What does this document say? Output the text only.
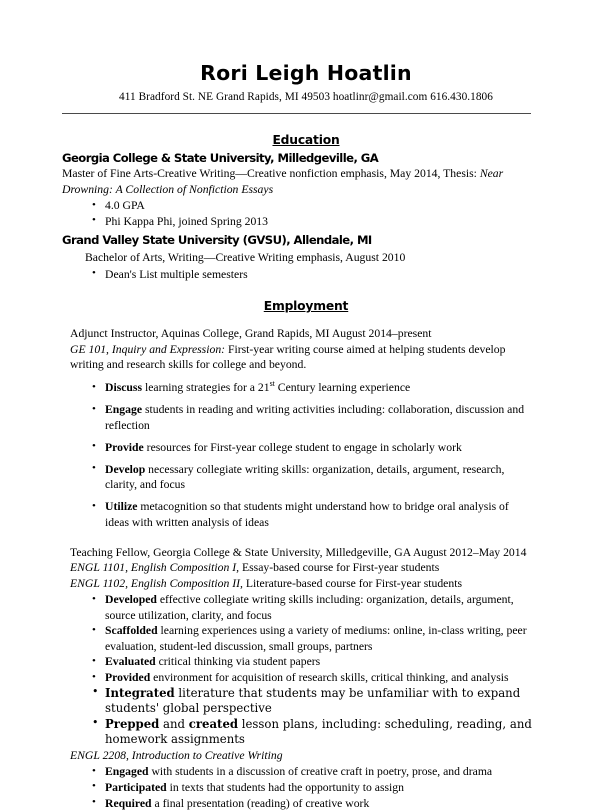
Rori Leigh Hoatlin
411 Bradford St. NE Grand Rapids, MI 49503 hoatlinr@gmail.com 616.430.1806
Education
Georgia College & State University, Milledgeville, GA
Master of Fine Arts-Creative Writing—Creative nonfiction emphasis, May 2014, Thesis: Near Drowning: A Collection of Nonfiction Essays
• 4.0 GPA
• Phi Kappa Phi, joined Spring 2013
Grand Valley State University (GVSU), Allendale, MI
Bachelor of Arts, Writing—Creative Writing emphasis, August 2010
• Dean's List multiple semesters
Employment
Adjunct Instructor, Aquinas College, Grand Rapids, MI August 2014–present
GE 101, Inquiry and Expression: First-year writing course aimed at helping students develop writing and research skills for college and beyond.
• Discuss learning strategies for a 21st Century learning experience
• Engage students in reading and writing activities including: collaboration, discussion and reflection
• Provide resources for First-year college student to engage in scholarly work
• Develop necessary collegiate writing skills: organization, details, argument, research, clarity, and focus
• Utilize metacognition so that students might understand how to bridge oral analysis of ideas with written analysis of ideas
Teaching Fellow, Georgia College & State University, Milledgeville, GA August 2012–May 2014
ENGL 1101, English Composition I, Essay-based course for First-year students
ENGL 1102, English Composition II, Literature-based course for First-year students
• Developed effective collegiate writing skills including: organization, details, argument, source utilization, clarity, and focus
• Scaffolded learning experiences using a variety of mediums: online, in-class writing, peer evaluation, student-led discussion, small groups, partners
• Evaluated critical thinking via student papers
• Provided environment for acquisition of research skills, critical thinking, and analysis
• Integrated literature that students may be unfamiliar with to expand students' global perspective
• Prepped and created lesson plans, including: scheduling, reading, and homework assignments
ENGL 2208, Introduction to Creative Writing
• Engaged with students in a discussion of creative craft in poetry, prose, and drama
• Participated in texts that students had the opportunity to assign
• Required a final presentation (reading) of creative work
